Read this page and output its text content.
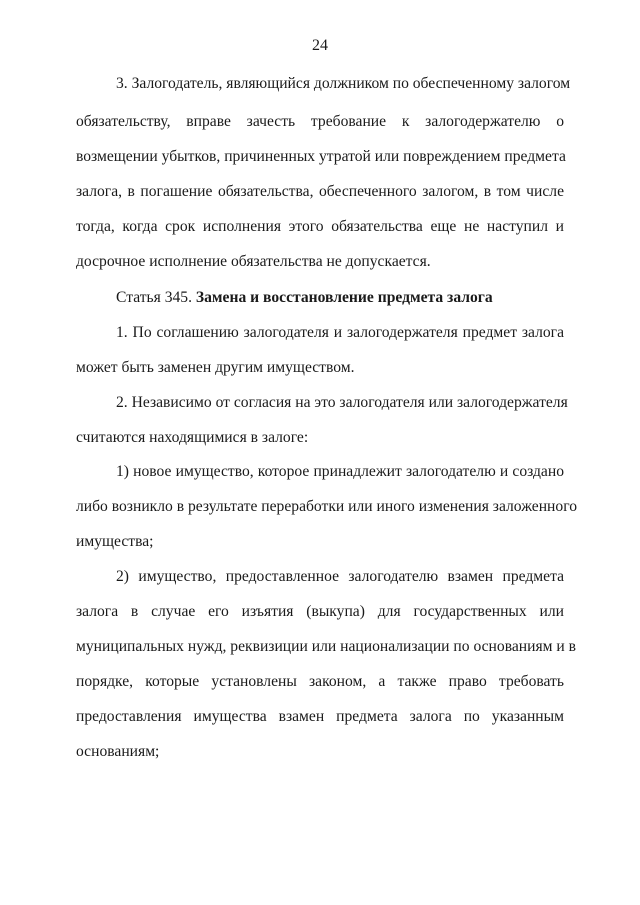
24
3. Залогодатель, являющийся должником по обеспеченному залогом
обязательству, вправе зачесть требование к залогодержателю о
возмещении убытков, причиненных утратой или повреждением предмета
залога, в погашение обязательства, обеспеченного залогом, в том числе
тогда, когда срок исполнения этого обязательства еще не наступил и
досрочное исполнение обязательства не допускается.
Статья 345. Замена и восстановление предмета залога
1. По соглашению залогодателя и залогодержателя предмет залога
может быть заменен другим имуществом.
2. Независимо от согласия на это залогодателя или залогодержателя
считаются находящимися в залоге:
1) новое имущество, которое принадлежит залогодателю и создано
либо возникло в результате переработки или иного изменения заложенного
имущества;
2) имущество, предоставленное залогодателю взамен предмета
залога в случае его изъятия (выкупа) для государственных или
муниципальных нужд, реквизиции или национализации по основаниям и в
порядке, которые установлены законом, а также право требовать
предоставления имущества взамен предмета залога по указанным
основаниям;
